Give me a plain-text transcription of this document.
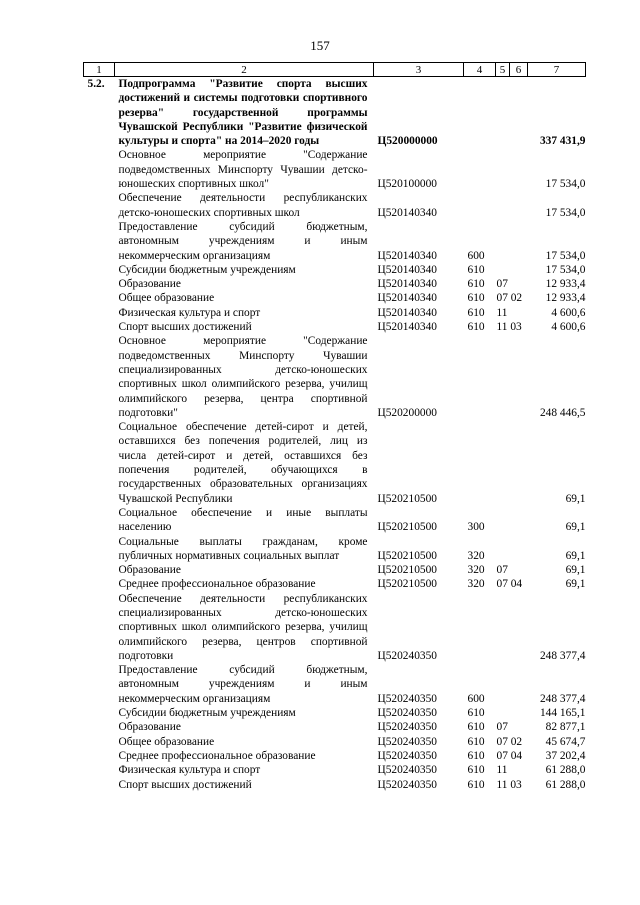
157
1	2	3	4	5	6	7
5.2.	Подпрограмма "Развитие спорта высших достижений и системы подготовки спортивного резерва" государственной программы Чувашской Республики "Развитие физической культуры и спорта" на 2014–2020 годы	Ц520000000				337 431,9
	Основное мероприятие "Содержание подведомственных Минспорту Чувашии детско-юношеских спортивных школ"	Ц520100000				17 534,0
	Обеспечение деятельности республиканских детско-юношеских спортивных школ	Ц520140340				17 534,0
	Предоставление субсидий бюджетным, автономным учреждениям и иным некоммерческим организациям	Ц520140340	600			17 534,0
	Субсидии бюджетным учреждениям	Ц520140340	610			17 534,0
	Образование	Ц520140340	610	07		12 933,4
	Общее образование	Ц520140340	610	07 02		12 933,4
	Физическая культура и спорт	Ц520140340	610	11		4 600,6
	Спорт высших достижений	Ц520140340	610	11 03		4 600,6
	Основное мероприятие "Содержание подведомственных Минспорту Чувашии специализированных детско-юношеских спортивных школ олимпийского резерва, училищ олимпийского резерва, центра спортивной подготовки"	Ц520200000				248 446,5
	Социальное обеспечение детей-сирот и детей, оставшихся без попечения родителей, лиц из числа детей-сирот и детей, оставшихся без попечения родителей, обучающихся в государственных образовательных организациях Чувашской Республики	Ц520210500				69,1
	Социальное обеспечение и иные выплаты населению	Ц520210500	300			69,1
	Социальные выплаты гражданам, кроме публичных нормативных социальных выплат	Ц520210500	320			69,1
	Образование	Ц520210500	320	07		69,1
	Среднее профессиональное образование	Ц520210500	320	07 04		69,1
	Обеспечение деятельности республиканских специализированных детско-юношеских спортивных школ олимпийского резерва, училищ олимпийского резерва, центров спортивной подготовки	Ц520240350				248 377,4
	Предоставление субсидий бюджетным, автономным учреждениям и иным некоммерческим организациям	Ц520240350	600			248 377,4
	Субсидии бюджетным учреждениям	Ц520240350	610			144 165,1
	Образование	Ц520240350	610	07		82 877,1
	Общее образование	Ц520240350	610	07 02		45 674,7
	Среднее профессиональное образование	Ц520240350	610	07 04		37 202,4
	Физическая культура и спорт	Ц520240350	610	11		61 288,0
	Спорт высших достижений	Ц520240350	610	11 03		61 288,0
